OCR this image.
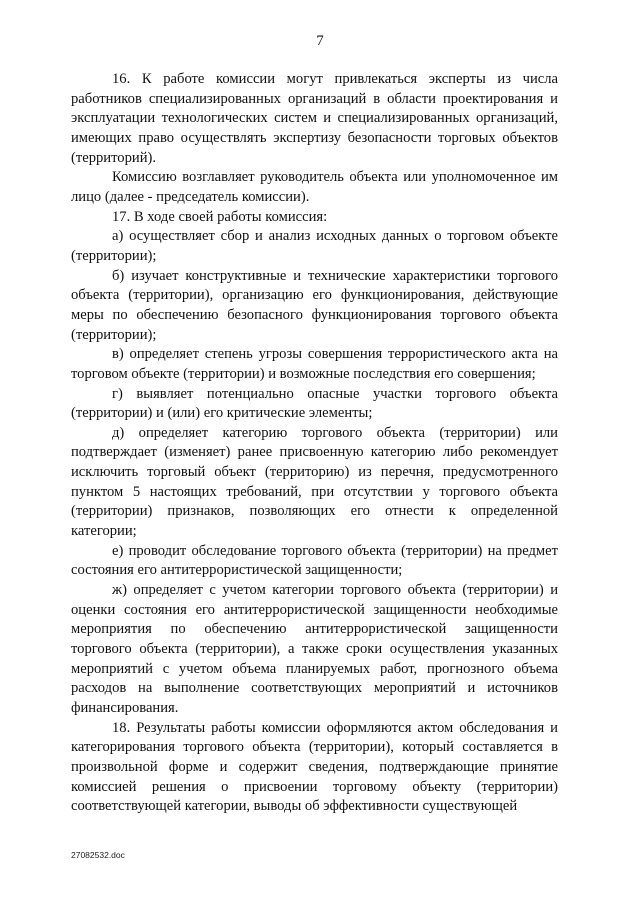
7

16. К работе комиссии могут привлекаться эксперты из числа работников специализированных организаций в области проектирования и эксплуатации технологических систем и специализированных организаций, имеющих право осуществлять экспертизу безопасности торговых объектов (территорий).

Комиссию возглавляет руководитель объекта или уполномоченное им лицо (далее - председатель комиссии).

17. В ходе своей работы комиссия:

а) осуществляет сбор и анализ исходных данных о торговом объекте (территории);

б) изучает конструктивные и технические характеристики торгового объекта (территории), организацию его функционирования, действующие меры по обеспечению безопасного функционирования торгового объекта (территории);

в) определяет степень угрозы совершения террористического акта на торговом объекте (территории) и возможные последствия его совершения;

г) выявляет потенциально опасные участки торгового объекта (территории) и (или) его критические элементы;

д) определяет категорию торгового объекта (территории) или подтверждает (изменяет) ранее присвоенную категорию либо рекомендует исключить торговый объект (территорию) из перечня, предусмотренного пунктом 5 настоящих требований, при отсутствии у торгового объекта (территории) признаков, позволяющих его отнести к определенной категории;

е) проводит обследование торгового объекта (территории) на предмет состояния его антитеррористической защищенности;

ж) определяет с учетом категории торгового объекта (территории) и оценки состояния его антитеррористической защищенности необходимые мероприятия по обеспечению антитеррористической защищенности торгового объекта (территории), а также сроки осуществления указанных мероприятий с учетом объема планируемых работ, прогнозного объема расходов на выполнение соответствующих мероприятий и источников финансирования.

18. Результаты работы комиссии оформляются актом обследования и категорирования торгового объекта (территории), который составляется в произвольной форме и содержит сведения, подтверждающие принятие комиссией решения о присвоении торговому объекту (территории) соответствующей категории, выводы об эффективности существующей

27082532.doc
